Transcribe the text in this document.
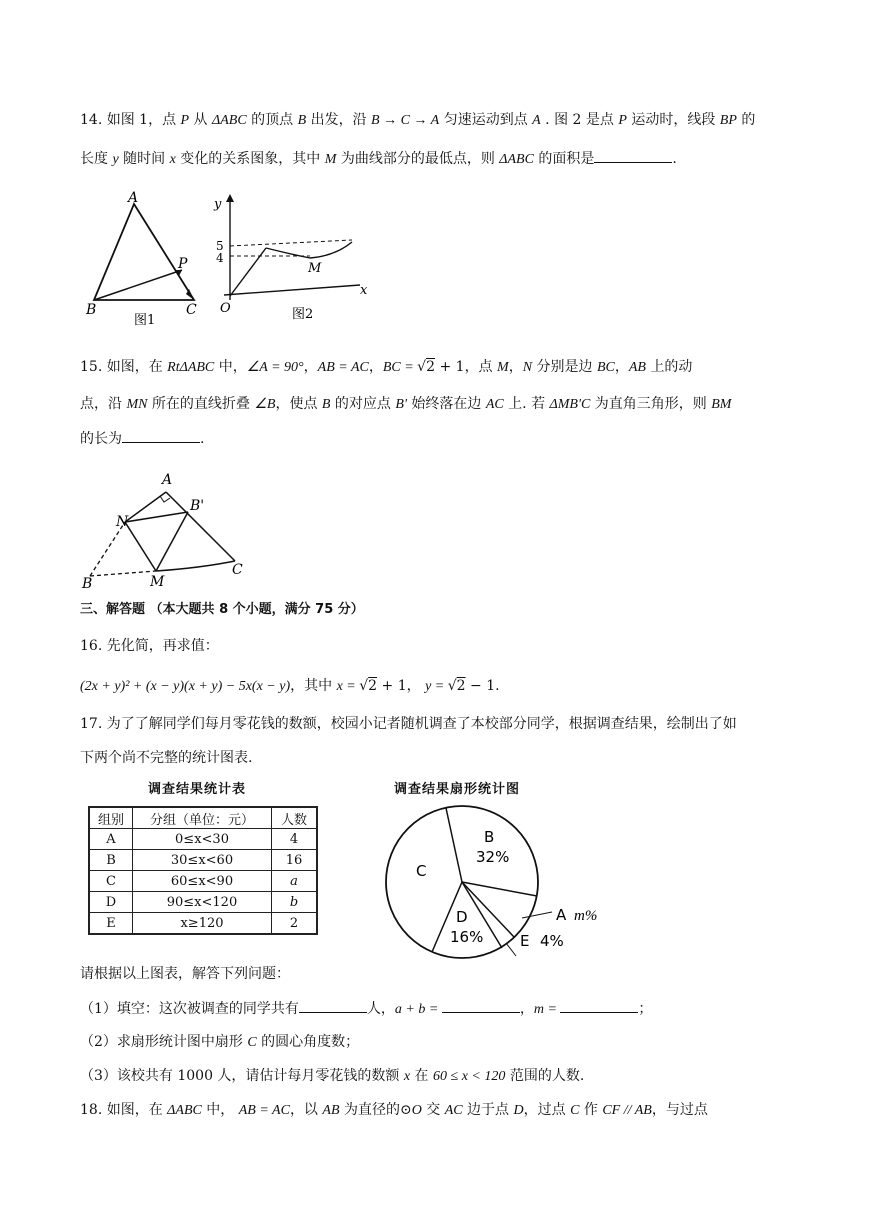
14. 如图 1，点 P 从 ΔABC 的顶点 B 出发，沿 B → C → A 匀速运动到点 A . 图 2 是点 P 运动时，线段 BP 的
长度 y 随时间 x 变化的关系图象，其中 M 为曲线部分的最低点，则 ΔABC 的面积是	.
A
B	C
P
图1
5
4
O
y
x
M
图2
15. 如图，在 RtΔABC 中，∠A = 90°，AB = AC，BC = √2 + 1，点 M，N 分别是边 BC，AB 上的动
点，沿 MN 所在的直线折叠 ∠B，使点 B 的对应点 B' 始终落在边 AC 上. 若 ΔMB'C 为直角三角形，则 BM
的长为	.
A
B'
N
B	M
C
三、解答题 （本大题共 8 个小题，满分 75 分）
16. 先化简，再求值：
(2x + y)² + (x − y)(x + y) − 5x(x − y)，其中 x = √2 + 1， y = √2 − 1.
17. 为了了解同学们每月零花钱的数额，校园小记者随机调查了本校部分同学，根据调查结果，绘制出了如
下两个尚不完整的统计图表.
调查结果统计表
组别	分组（单位：元）	人数
A	0≤x<30	4
B	30≤x<60	16
C	60≤x<90	a
D	90≤x<120	b
E	x≥120	2
调查结果扇形统计图
B
32%
C
D
16%
A m%
E 4%
请根据以上图表，解答下列问题：
（1）填空：这次被调查的同学共有	人，a + b =	，m =	；
（2）求扇形统计图中扇形 C 的圆心角度数；
（3）该校共有 1000 人，请估计每月零花钱的数额 x 在 60 ≤ x < 120 范围的人数.
18. 如图，在 ΔABC 中， AB = AC，以 AB 为直径的⊙O 交 AC 边于点 D，过点 C 作 CF // AB，与过点
